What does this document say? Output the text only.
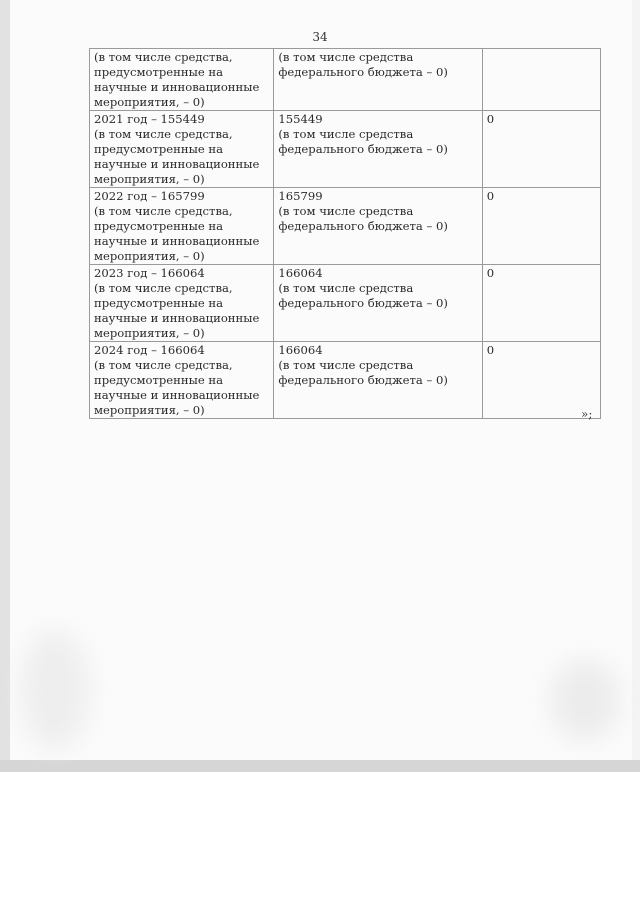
34
(в том числе средства,
предусмотренные на
научные и инновационные
мероприятия, – 0)	(в том числе средства
федерального бюджета – 0)	

2021 год – 155449
(в том числе средства,
предусмотренные на
научные и инновационные
мероприятия, – 0)	155449
(в том числе средства
федерального бюджета – 0)	0

2022 год – 165799
(в том числе средства,
предусмотренные на
научные и инновационные
мероприятия, – 0)	165799
(в том числе средства
федерального бюджета – 0)	0

2023 год – 166064
(в том числе средства,
предусмотренные на
научные и инновационные
мероприятия, – 0)	166064
(в том числе средства
федерального бюджета – 0)	0

2024 год – 166064
(в том числе средства,
предусмотренные на
научные и инновационные
мероприятия, – 0)	166064
(в том числе средства
федерального бюджета – 0)	0
»;
